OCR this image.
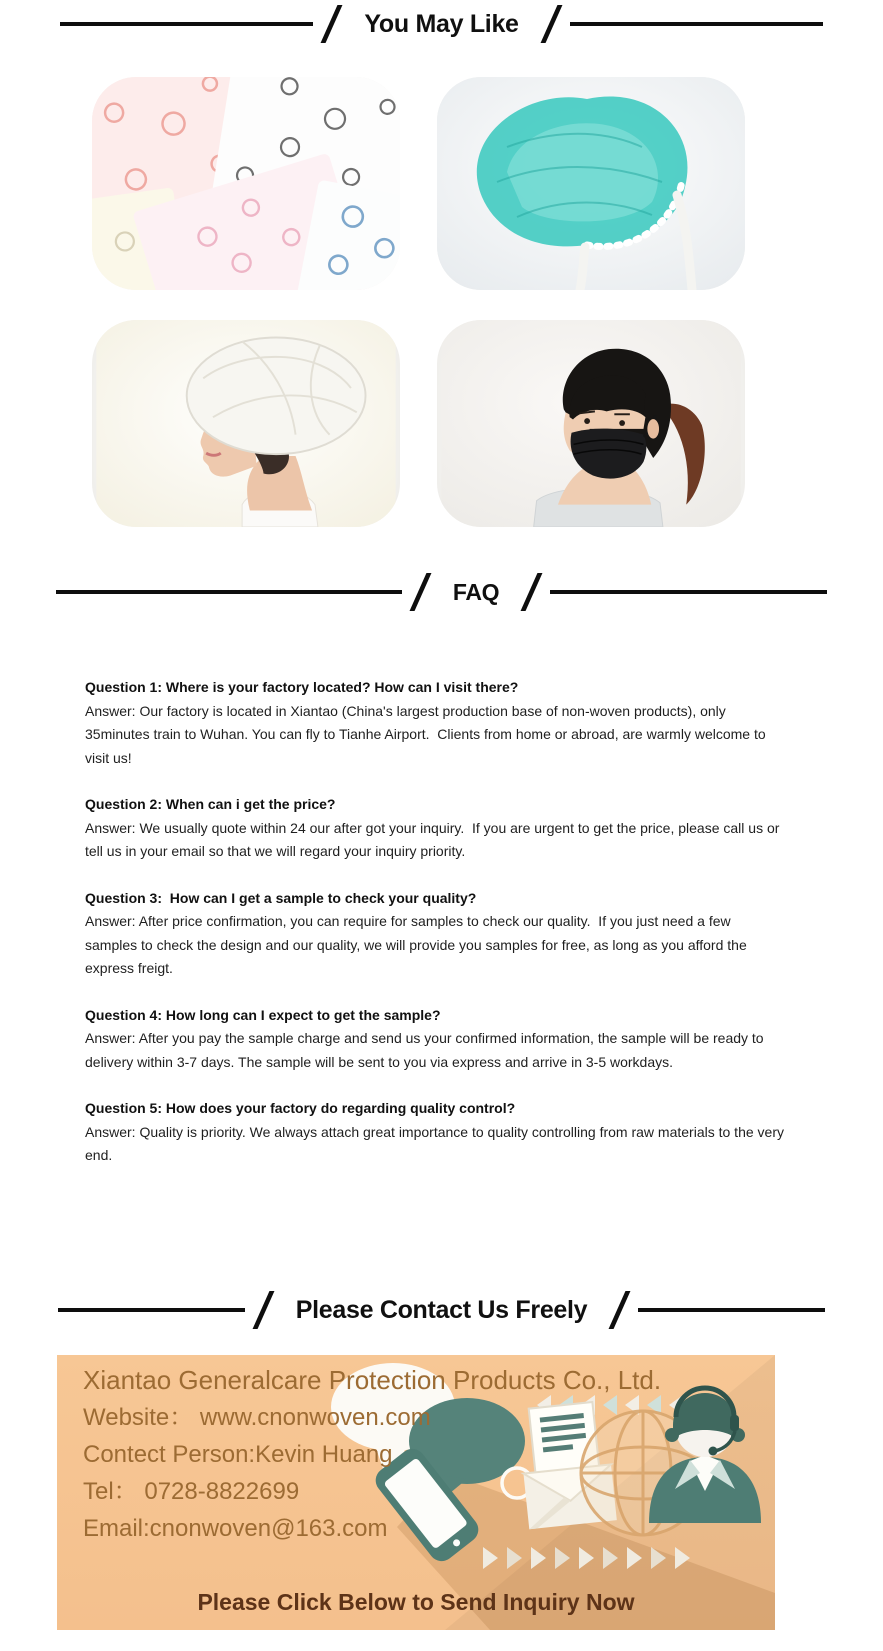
You May Like
FAQ
Question 1: Where is your factory located? How can I visit there?
Answer: Our factory is located in Xiantao (China's largest production base of non-woven products), only 35minutes train to Wuhan. You can fly to Tianhe Airport.  Clients from home or abroad, are warmly welcome to visit us!
Question 2: When can i get the price?
Answer: We usually quote within 24 our after got your inquiry.  If you are urgent to get the price, please call us or tell us in your email so that we will regard your inquiry priority.
Question 3:  How can I get a sample to check your quality?
Answer: After price confirmation, you can require for samples to check our quality.  If you just need a few samples to check the design and our quality, we will provide you samples for free, as long as you afford the express freigt.
Question 4: How long can I expect to get the sample?
Answer: After you pay the sample charge and send us your confirmed information, the sample will be ready to delivery within 3-7 days. The sample will be sent to you via express and arrive in 3-5 workdays.
Question 5: How does your factory do regarding quality control?
Answer: Quality is priority. We always attach great importance to quality controlling from raw materials to the very end.
Please Contact Us Freely
Xiantao Generalcare Protection Products Co., Ltd.
Website： www.cnonwoven.com
Contect Person:Kevin Huang
Tel： 0728-8822699
Email:cnonwoven@163.com
Please Click Below to Send Inquiry Now
